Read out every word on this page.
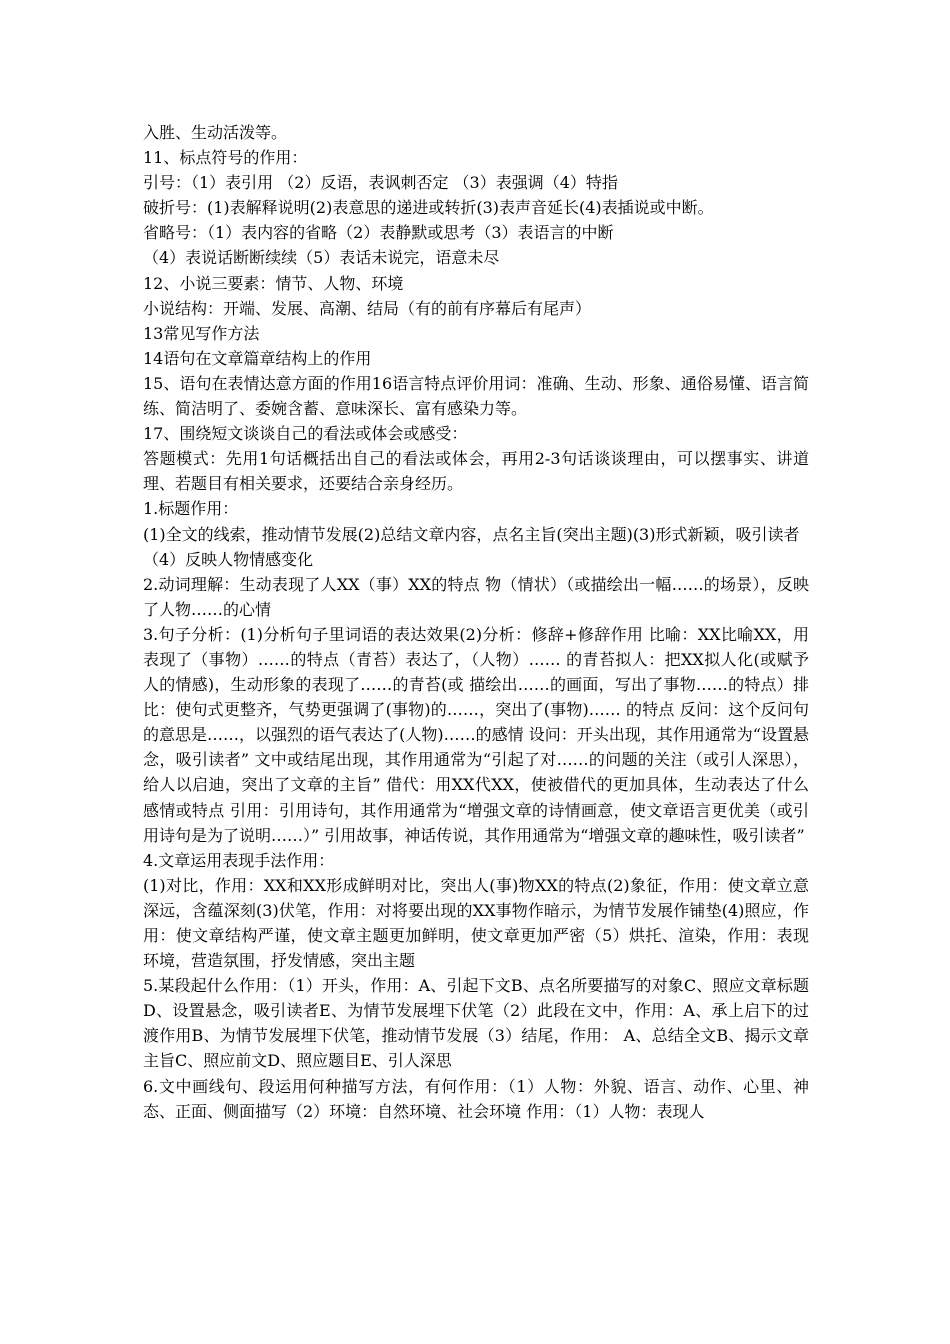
入胜、生动活泼等。

11、标点符号的作用：

引号：（1）表引用 （2）反语，表讽刺否定 （3）表强调（4）特指

破折号：(1)表解释说明(2)表意思的递进或转折(3)表声音延长(4)表插说或中断。

省略号：（1）表内容的省略（2）表静默或思考（3）表语言的中断

（4）表说话断断续续（5）表话未说完，语意未尽

12、小说三要素：情节、人物、环境

小说结构：开端、发展、高潮、结局（有的前有序幕后有尾声）

13常见写作方法

14语句在文章篇章结构上的作用

15、语句在表情达意方面的作用16语言特点评价用词：准确、生动、形象、通俗易懂、语言简练、简洁明了、委婉含蓄、意味深长、富有感染力等。

17、围绕短文谈谈自己的看法或体会或感受：

答题模式：先用1句话概括出自己的看法或体会，再用2-3句话谈谈理由，可以摆事实、讲道理、若题目有相关要求，还要结合亲身经历。

1.标题作用：

(1)全文的线索，推动情节发展(2)总结文章内容，点名主旨(突出主题)(3)形式新颖，吸引读者

（4）反映人物情感变化

2.动词理解：生动表现了人XX（事）XX的特点 物（情状）（或描绘出一幅……的场景），反映了人物……的心情

3.句子分析：(1)分析句子里词语的表达效果(2)分析：修辞+修辞作用 比喻：XX比喻XX，用 表现了（事物）……的特点（青苔）表达了，（人物）…… 的青苔拟人：把XX拟人化(或赋予人的情感)，生动形象的表现了……的青苔(或 描绘出……的画面，写出了事物……的特点）排比：使句式更整齐，气势更强调了(事物)的……，突出了(事物)…… 的特点 反问：这个反问句的意思是……，以强烈的语气表达了(人物)……的感情 设问：开头出现，其作用通常为“设置悬念，吸引读者” 文中或结尾出现，其作用通常为“引起了对……的问题的关注（或引人深思），给人以启迪，突出了文章的主旨” 借代：用XX代XX，使被借代的更加具体，生动表达了什么感情或特点 引用：引用诗句，其作用通常为“增强文章的诗情画意，使文章语言更优美（或引用诗句是为了说明……）” 引用故事，神话传说，其作用通常为“增强文章的趣味性，吸引读者”

4.文章运用表现手法作用：

(1)对比，作用：XX和XX形成鲜明对比，突出人(事)物XX的特点(2)象征，作用：使文章立意深远，含蕴深刻(3)伏笔，作用：对将要出现的XX事物作暗示，为情节发展作铺垫(4)照应，作用：使文章结构严谨，使文章主题更加鲜明，使文章更加严密（5）烘托、渲染，作用：表现环境，营造氛围，抒发情感，突出主题

5.某段起什么作用：（1）开头，作用：A、引起下文B、点名所要描写的对象C、照应文章标题D、设置悬念，吸引读者E、为情节发展埋下伏笔（2）此段在文中，作用：A、承上启下的过渡作用B、为情节发展埋下伏笔，推动情节发展（3）结尾，作用： A、总结全文B、揭示文章主旨C、照应前文D、照应题目E、引人深思

6.文中画线句、段运用何种描写方法，有何作用：（1）人物：外貌、语言、动作、心里、神态、正面、侧面描写（2）环境：自然环境、社会环境 作用：（1）人物：表现人
